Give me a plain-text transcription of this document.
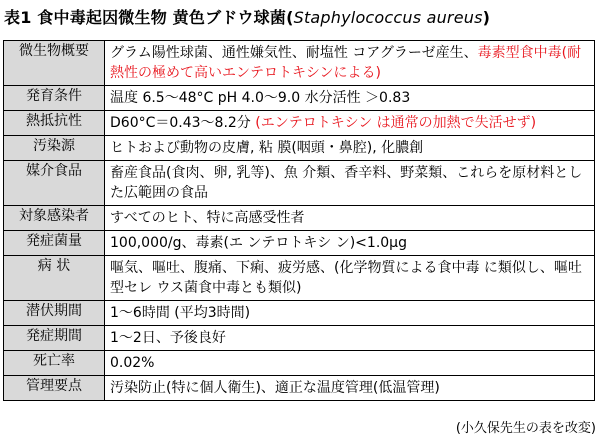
表1 食中毒起因微生物 黄色ブドウ球菌(Staphylococcus aureus)
微生物概要	グラム陽性球菌、通性嫌気性、耐塩性 コアグラーゼ産生、毒素型食中毒(耐熱性の極めて高いエンテロトキシンによる)
発育条件	温度 6.5〜48°C pH 4.0〜9.0 水分活性 ＞0.83
熱抵抗性	D60°C＝0.43〜8.2分 (エンテロトキシン は通常の加熱で失活せず)
汚染源	ヒトおよび動物の皮膚, 粘 膜(咽頭・鼻腔), 化膿創
媒介食品	畜産食品(食肉、卵, 乳等)、魚 介類、香辛料、野菜類、これらを原材料とした広範囲の食品
対象感染者	すべてのヒト、特に高感受性者
発症菌量	100,000/g、毒素(エ ンテロトキシ ン)<1.0μg
病 状	嘔気、嘔吐、腹痛、下痢、疲労感、(化学物質による食中毒 に類似し、嘔吐型セレ ウス菌食中毒とも類似)
潜伏期間	1〜6時間 (平均3時間)
発症期間	1〜2日、予後良好
死亡率	0.02%
管理要点	汚染防止(特に個人衛生)、適正な温度管理(低温管理)
(小久保先生の表を改変)
